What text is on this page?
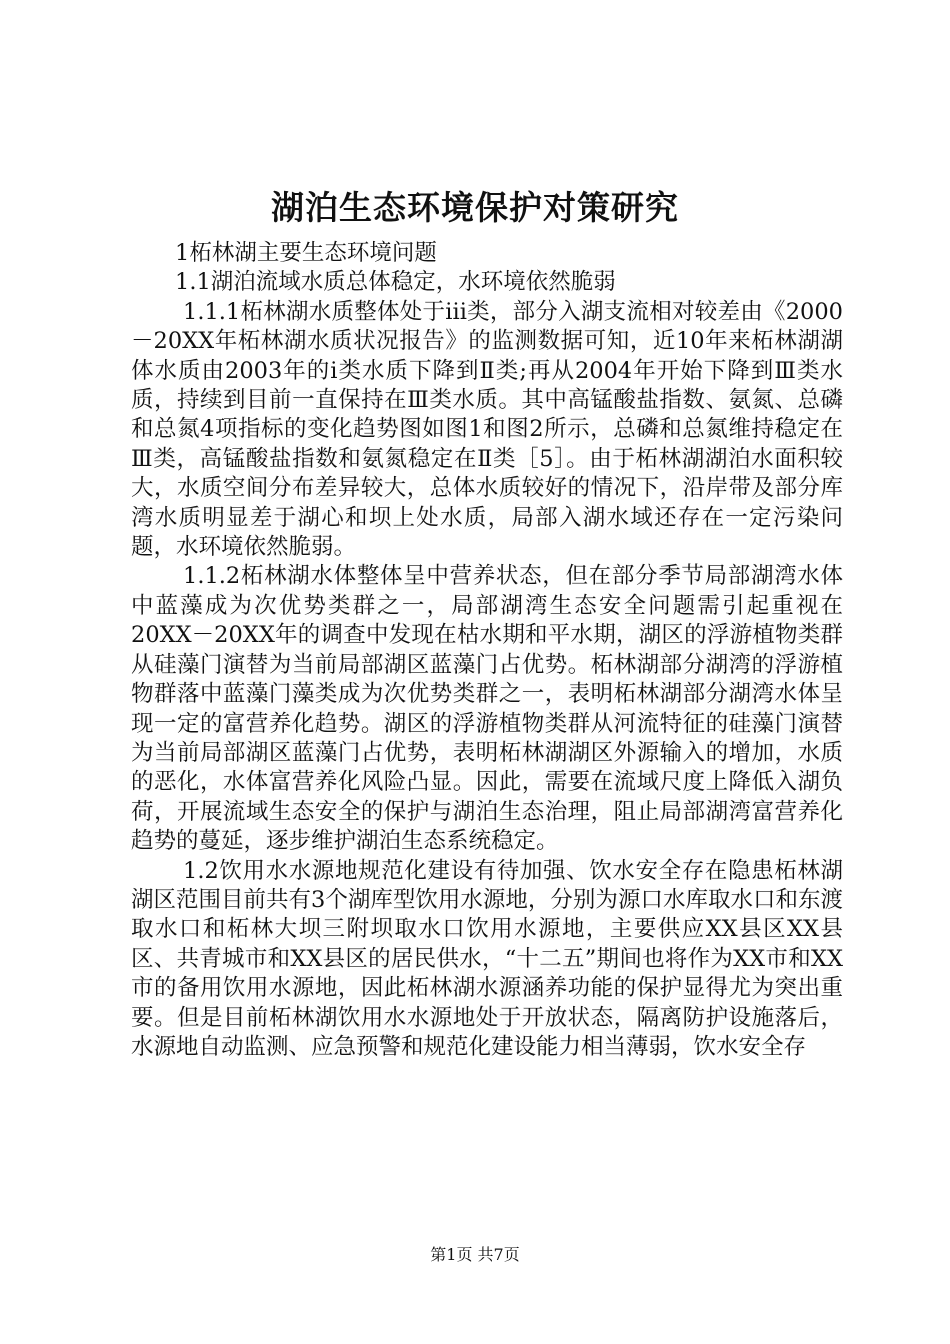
湖泊生态环境保护对策研究

1柘林湖主要生态环境问题

1.1湖泊流域水质总体稳定，水环境依然脆弱

1.1.1柘林湖水质整体处于iii类，部分入湖支流相对较差由《2000－20XX年柘林湖水质状况报告》的监测数据可知，近10年来柘林湖湖体水质由2003年的i类水质下降到Ⅱ类;再从2004年开始下降到Ⅲ类水质，持续到目前一直保持在Ⅲ类水质。其中高锰酸盐指数、氨氮、总磷和总氮4项指标的变化趋势图如图1和图2所示，总磷和总氮维持稳定在Ⅲ类，高锰酸盐指数和氨氮稳定在Ⅱ类［5］。由于柘林湖湖泊水面积较大，水质空间分布差异较大，总体水质较好的情况下，沿岸带及部分库湾水质明显差于湖心和坝上处水质，局部入湖水域还存在一定污染问题，水环境依然脆弱。

1.1.2柘林湖水体整体呈中营养状态，但在部分季节局部湖湾水体中蓝藻成为次优势类群之一，局部湖湾生态安全问题需引起重视在20XX－20XX年的调查中发现在枯水期和平水期，湖区的浮游植物类群从硅藻门演替为当前局部湖区蓝藻门占优势。柘林湖部分湖湾的浮游植物群落中蓝藻门藻类成为次优势类群之一，表明柘林湖部分湖湾水体呈现一定的富营养化趋势。湖区的浮游植物类群从河流特征的硅藻门演替为当前局部湖区蓝藻门占优势，表明柘林湖湖区外源输入的增加，水质的恶化，水体富营养化风险凸显。因此，需要在流域尺度上降低入湖负荷，开展流域生态安全的保护与湖泊生态治理，阻止局部湖湾富营养化趋势的蔓延，逐步维护湖泊生态系统稳定。

1.2饮用水水源地规范化建设有待加强、饮水安全存在隐患柘林湖湖区范围目前共有3个湖库型饮用水源地，分别为源口水库取水口和东渡取水口和柘林大坝三附坝取水口饮用水源地，主要供应XX县区XX县区、共青城市和XX县区的居民供水，“十二五”期间也将作为XX市和XX市的备用饮用水源地，因此柘林湖水源涵养功能的保护显得尤为突出重要。但是目前柘林湖饮用水水源地处于开放状态，隔离防护设施落后，水源地自动监测、应急预警和规范化建设能力相当薄弱，饮水安全存

第1页 共7页
